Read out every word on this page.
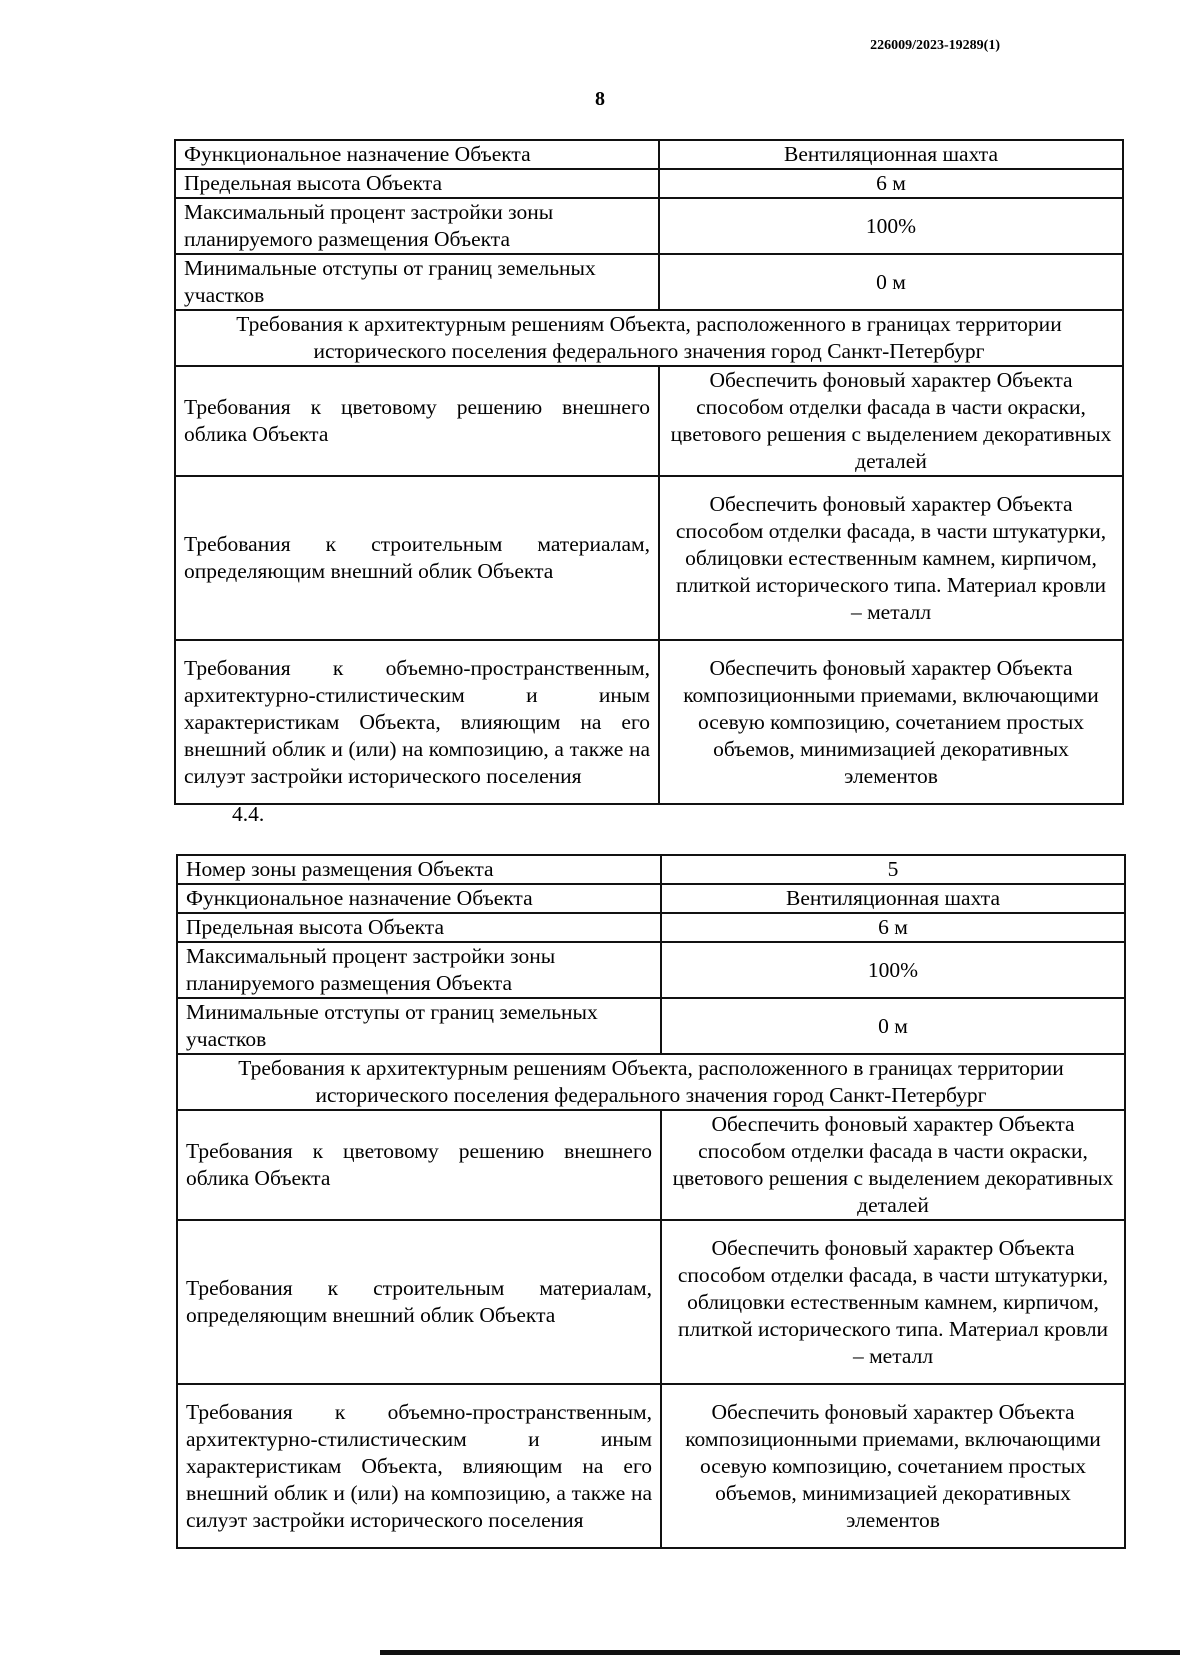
226009/2023-19289(1)
8
Функциональное назначение Объекта	Вентиляционная шахта
Предельная высота Объекта	6 м
Максимальный процент застройки зоны планируемого размещения Объекта	100%
Минимальные отступы от границ земельных участков	0 м
Требования к архитектурным решениям Объекта, расположенного в границах территории исторического поселения федерального значения город Санкт-Петербург	
Требования к цветовому решению внешнего облика Объекта	Обеспечить фоновый характер Объекта способом отделки фасада в части окраски, цветового решения с выделением декоративных деталей
Требования к строительным материалам, определяющим внешний облик Объекта	Обеспечить фоновый характер Объекта способом отделки фасада, в части штукатурки, облицовки естественным камнем, кирпичом, плиткой исторического типа. Материал кровли – металл
Требования к объемно-пространственным, архитектурно-стилистическим и иным характеристикам Объекта, влияющим на его внешний облик и (или) на композицию, а также на силуэт застройки исторического поселения	Обеспечить фоновый характер Объекта композиционными приемами, включающими осевую композицию, сочетанием простых объемов, минимизацией декоративных элементов
4.4.
Номер зоны размещения Объекта	5
Функциональное назначение Объекта	Вентиляционная шахта
Предельная высота Объекта	6 м
Максимальный процент застройки зоны планируемого размещения Объекта	100%
Минимальные отступы от границ земельных участков	0 м
Требования к архитектурным решениям Объекта, расположенного в границах территории исторического поселения федерального значения город Санкт-Петербург	
Требования к цветовому решению внешнего облика Объекта	Обеспечить фоновый характер Объекта способом отделки фасада в части окраски, цветового решения с выделением декоративных деталей
Требования к строительным материалам, определяющим внешний облик Объекта	Обеспечить фоновый характер Объекта способом отделки фасада, в части штукатурки, облицовки естественным камнем, кирпичом, плиткой исторического типа. Материал кровли – металл
Требования к объемно-пространственным, архитектурно-стилистическим и иным характеристикам Объекта, влияющим на его внешний облик и (или) на композицию, а также на силуэт застройки исторического поселения	Обеспечить фоновый характер Объекта композиционными приемами, включающими осевую композицию, сочетанием простых объемов, минимизацией декоративных элементов
